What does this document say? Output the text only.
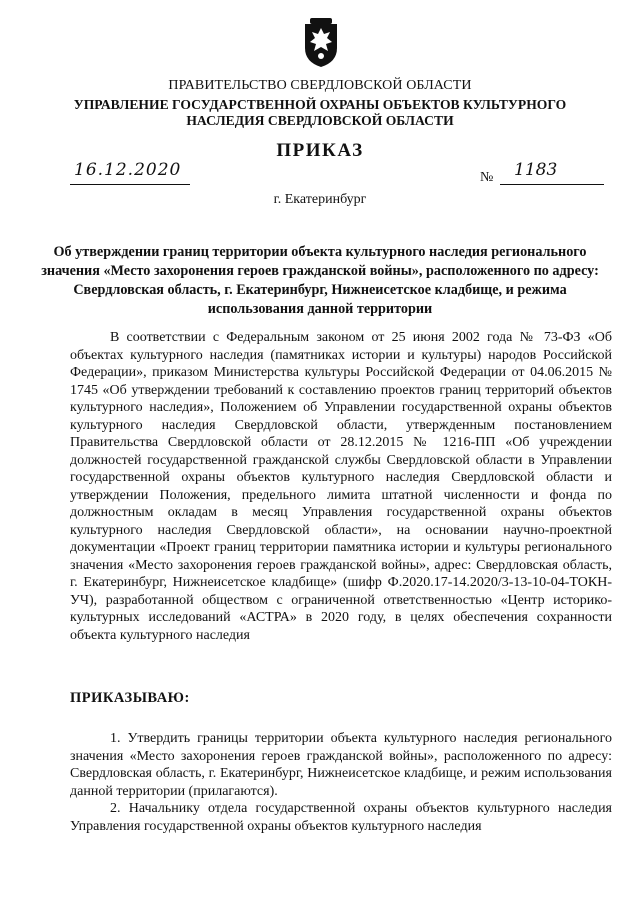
ПРАВИТЕЛЬСТВО СВЕРДЛОВСКОЙ ОБЛАСТИ
УПРАВЛЕНИЕ ГОСУДАРСТВЕННОЙ ОХРАНЫ ОБЪЕКТОВ КУЛЬТУРНОГО НАСЛЕДИЯ СВЕРДЛОВСКОЙ ОБЛАСТИ
ПРИКАЗ
16.12.2020	№ 1183
г. Екатеринбург
Об утверждении границ территории объекта культурного наследия регионального значения «Место захоронения героев гражданской войны», расположенного по адресу: Свердловская область, г. Екатеринбург, Нижнеисетское кладбище, и режима использования данной территории

В соответствии с Федеральным законом от 25 июня 2002 года № 73-ФЗ «Об объектах культурного наследия (памятниках истории и культуры) народов Российской Федерации», приказом Министерства культуры Российской Федерации от 04.06.2015 № 1745 «Об утверждении требований к составлению проектов границ территорий объектов культурного наследия», Положением об Управлении государственной охраны объектов культурного наследия Свердловской области, утвержденным постановлением Правительства Свердловской области от 28.12.2015 № 1216-ПП «Об учреждении должностей государственной гражданской службы Свердловской области в Управлении государственной охраны объектов культурного наследия Свердловской области и утверждении Положения, предельного лимита штатной численности и фонда по должностным окладам в месяц Управления государственной охраны объектов культурного наследия Свердловской области», на основании научно-проектной документации «Проект границ территории памятника истории и культуры регионального значения «Место захоронения героев гражданской войны», адрес: Свердловская область, г. Екатеринбург, Нижнеисетское кладбище» (шифр Ф.2020.17-14.2020/3-13-10-04-ТОКН-УЧ), разработанной обществом с ограниченной ответственностью «Центр историко-культурных исследований «АСТРА» в 2020 году, в целях обеспечения сохранности объекта культурного наследия

ПРИКАЗЫВАЮ:

1. Утвердить границы территории объекта культурного наследия регионального значения «Место захоронения героев гражданской войны», расположенного по адресу: Свердловская область, г. Екатеринбург, Нижнеисетское кладбище, и режим использования данной территории (прилагаются).

2. Начальнику отдела государственной охраны объектов культурного наследия Управления государственной охраны объектов культурного наследия
